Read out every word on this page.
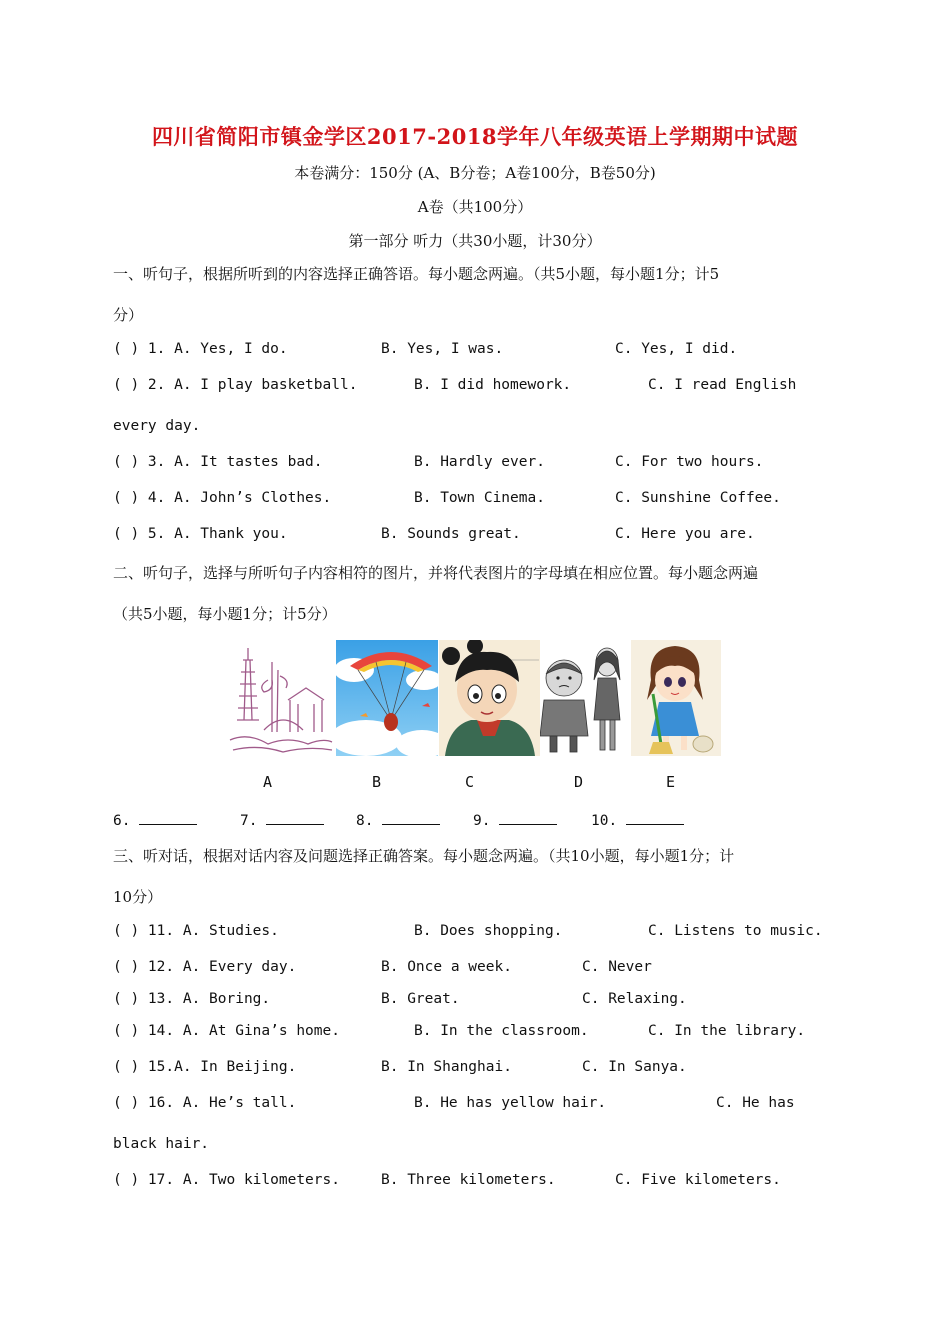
四川省简阳市镇金学区2017-2018学年八年级英语上学期期中试题
本卷满分：150分 (A、B分卷；A卷100分，B卷50分)
A卷（共100分）
第一部分 听力（共30小题，计30分）
一、听句子，根据所听到的内容选择正确答语。每小题念两遍。（共5小题，每小题1分；计5
分）
( ) 1. A. Yes, I do.	B. Yes, I was.	C. Yes, I did.
( ) 2. A. I play basketball.	B. I did homework.	C. I read English
every day.
( ) 3. A. It tastes bad.	B. Hardly ever.	C. For two hours.
( ) 4. A. John’s Clothes.	B. Town Cinema.	C. Sunshine Coffee.
( ) 5. A. Thank you.	B. Sounds great.	C. Here you are.
二、听句子，选择与所听句子内容相符的图片，并将代表图片的字母填在相应位置。每小题念两遍
（共5小题，每小题1分；计5分）
A	B	C	D	E
6.	7.	8.	9.	10.
三、听对话，根据对话内容及问题选择正确答案。每小题念两遍。（共10小题，每小题1分；计
10分）
( ) 11. A. Studies.	B. Does shopping.	C. Listens to music.
( ) 12. A. Every day.	B. Once a week.	C. Never
( ) 13. A. Boring.	B. Great.	C. Relaxing.
( ) 14. A. At Gina’s home.	B. In the classroom.	C. In the library.
( ) 15.A. In Beijing.	B. In Shanghai.	C. In Sanya.
( ) 16. A. He’s tall.	B. He has yellow hair.	C. He has
black hair.
( ) 17. A. Two kilometers.	B. Three kilometers.	C. Five kilometers.
